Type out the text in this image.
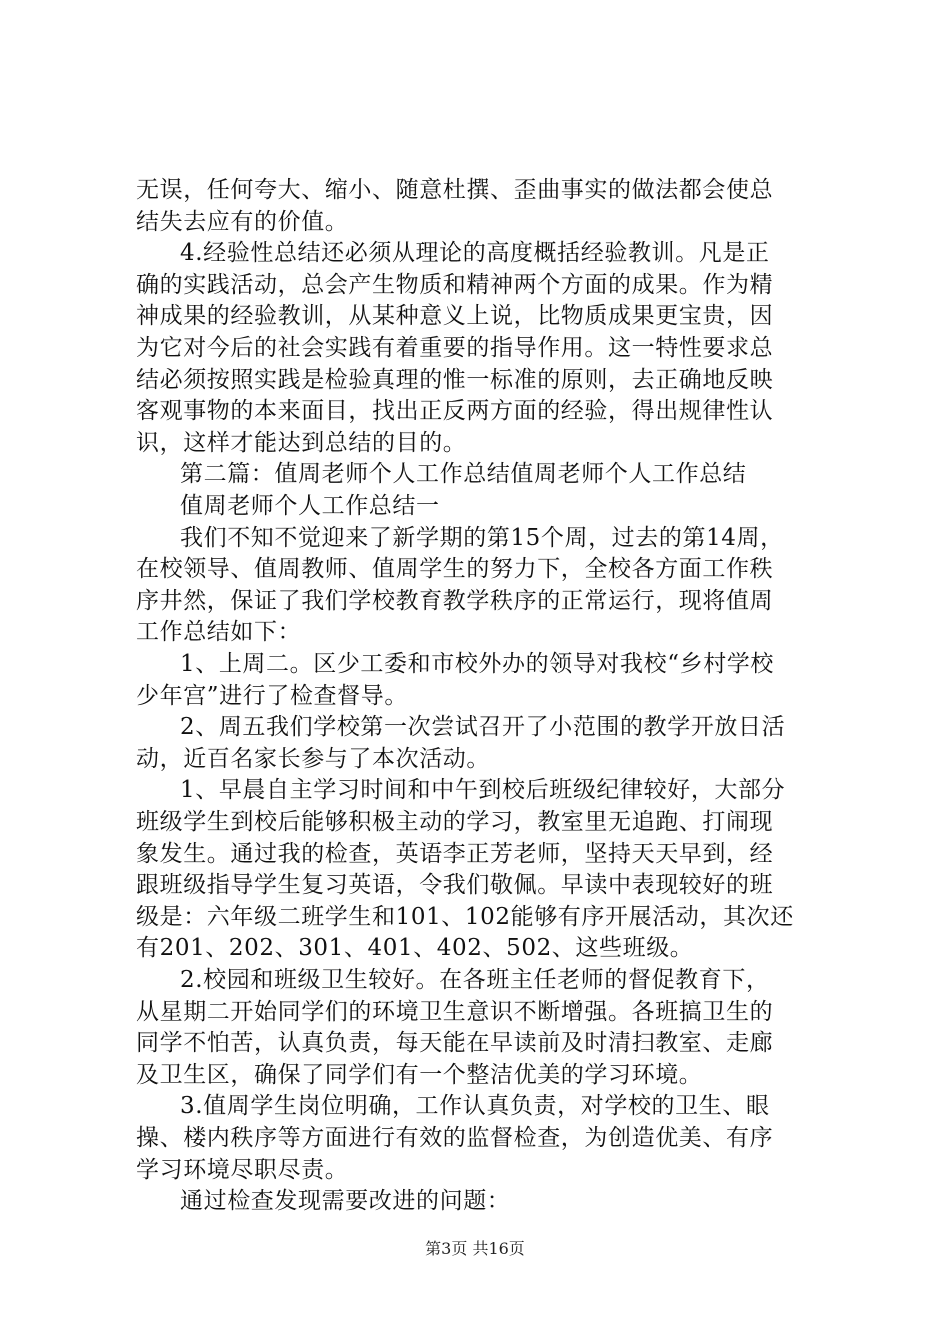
无误，任何夸大、缩小、随意杜撰、歪曲事实的做法都会使总
结失去应有的价值。
4.经验性总结还必须从理论的高度概括经验教训。凡是正
确的实践活动，总会产生物质和精神两个方面的成果。作为精
神成果的经验教训，从某种意义上说，比物质成果更宝贵，因
为它对今后的社会实践有着重要的指导作用。这一特性要求总
结必须按照实践是检验真理的惟一标准的原则，去正确地反映
客观事物的本来面目，找出正反两方面的经验，得出规律性认
识，这样才能达到总结的目的。
第二篇：值周老师个人工作总结值周老师个人工作总结
值周老师个人工作总结一
我们不知不觉迎来了新学期的第15个周，过去的第14周，
在校领导、值周教师、值周学生的努力下，全校各方面工作秩
序井然，保证了我们学校教育教学秩序的正常运行，现将值周
工作总结如下：
1、上周二。区少工委和市校外办的领导对我校“乡村学校
少年宫”进行了检查督导。
2、周五我们学校第一次尝试召开了小范围的教学开放日活
动，近百名家长参与了本次活动。
1、早晨自主学习时间和中午到校后班级纪律较好，大部分
班级学生到校后能够积极主动的学习，教室里无追跑、打闹现
象发生。通过我的检查，英语李正芳老师，坚持天天早到，经
跟班级指导学生复习英语，令我们敬佩。早读中表现较好的班
级是：六年级二班学生和101、102能够有序开展活动，其次还
有201、202、301、401、402、502、这些班级。
2.校园和班级卫生较好。在各班主任老师的督促教育下，
从星期二开始同学们的环境卫生意识不断增强。各班搞卫生的
同学不怕苦，认真负责，每天能在早读前及时清扫教室、走廊
及卫生区，确保了同学们有一个整洁优美的学习环境。
3.值周学生岗位明确，工作认真负责，对学校的卫生、眼
操、楼内秩序等方面进行有效的监督检查，为创造优美、有序
学习环境尽职尽责。
通过检查发现需要改进的问题：
第3页 共16页
